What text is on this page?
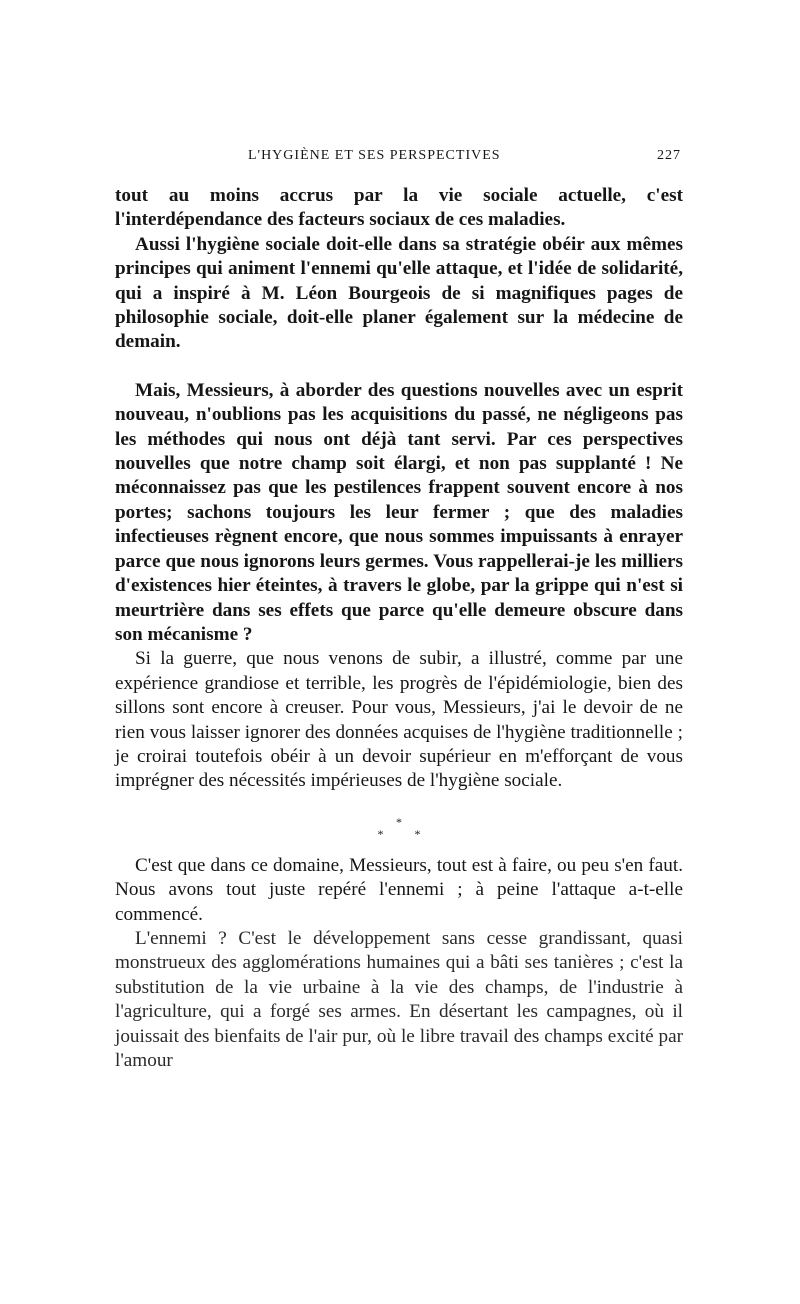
L'HYGIÈNE ET SES PERSPECTIVES	227

tout au moins accrus par la vie sociale actuelle, c'est l'interdépendance des facteurs sociaux de ces maladies.

Aussi l'hygiène sociale doit-elle dans sa stratégie obéir aux mêmes principes qui animent l'ennemi qu'elle attaque, et l'idée de solidarité, qui a inspiré à M. Léon Bourgeois de si magnifiques pages de philosophie sociale, doit-elle planer également sur la médecine de demain.

Mais, Messieurs, à aborder des questions nouvelles avec un esprit nouveau, n'oublions pas les acquisitions du passé, ne négligeons pas les méthodes qui nous ont déjà tant servi. Par ces perspectives nouvelles que notre champ soit élargi, et non pas supplanté ! Ne méconnaissez pas que les pestilences frappent souvent encore à nos portes; sachons toujours les leur fermer ; que des maladies infectieuses règnent encore, que nous sommes impuissants à enrayer parce que nous ignorons leurs germes. Vous rappellerai-je les milliers d'existences hier éteintes, à travers le globe, par la grippe qui n'est si meurtrière dans ses effets que parce qu'elle demeure obscure dans son mécanisme ?

Si la guerre, que nous venons de subir, a illustré, comme par une expérience grandiose et terrible, les progrès de l'épidémiologie, bien des sillons sont encore à creuser. Pour vous, Messieurs, j'ai le devoir de ne rien vous laisser ignorer des données acquises de l'hygiène traditionnelle ; je croirai toutefois obéir à un devoir supérieur en m'efforçant de vous imprégner des nécessités impérieuses de l'hygiène sociale.

*
* *

C'est que dans ce domaine, Messieurs, tout est à faire, ou peu s'en faut. Nous avons tout juste repéré l'ennemi ; à peine l'attaque a-t-elle commencé.

L'ennemi ? C'est le développement sans cesse grandissant, quasi monstrueux des agglomérations humaines qui a bâti ses tanières ; c'est la substitution de la vie urbaine à la vie des champs, de l'industrie à l'agriculture, qui a forgé ses armes. En désertant les campagnes, où il jouissait des bienfaits de l'air pur, où le libre travail des champs excité par l'amour
